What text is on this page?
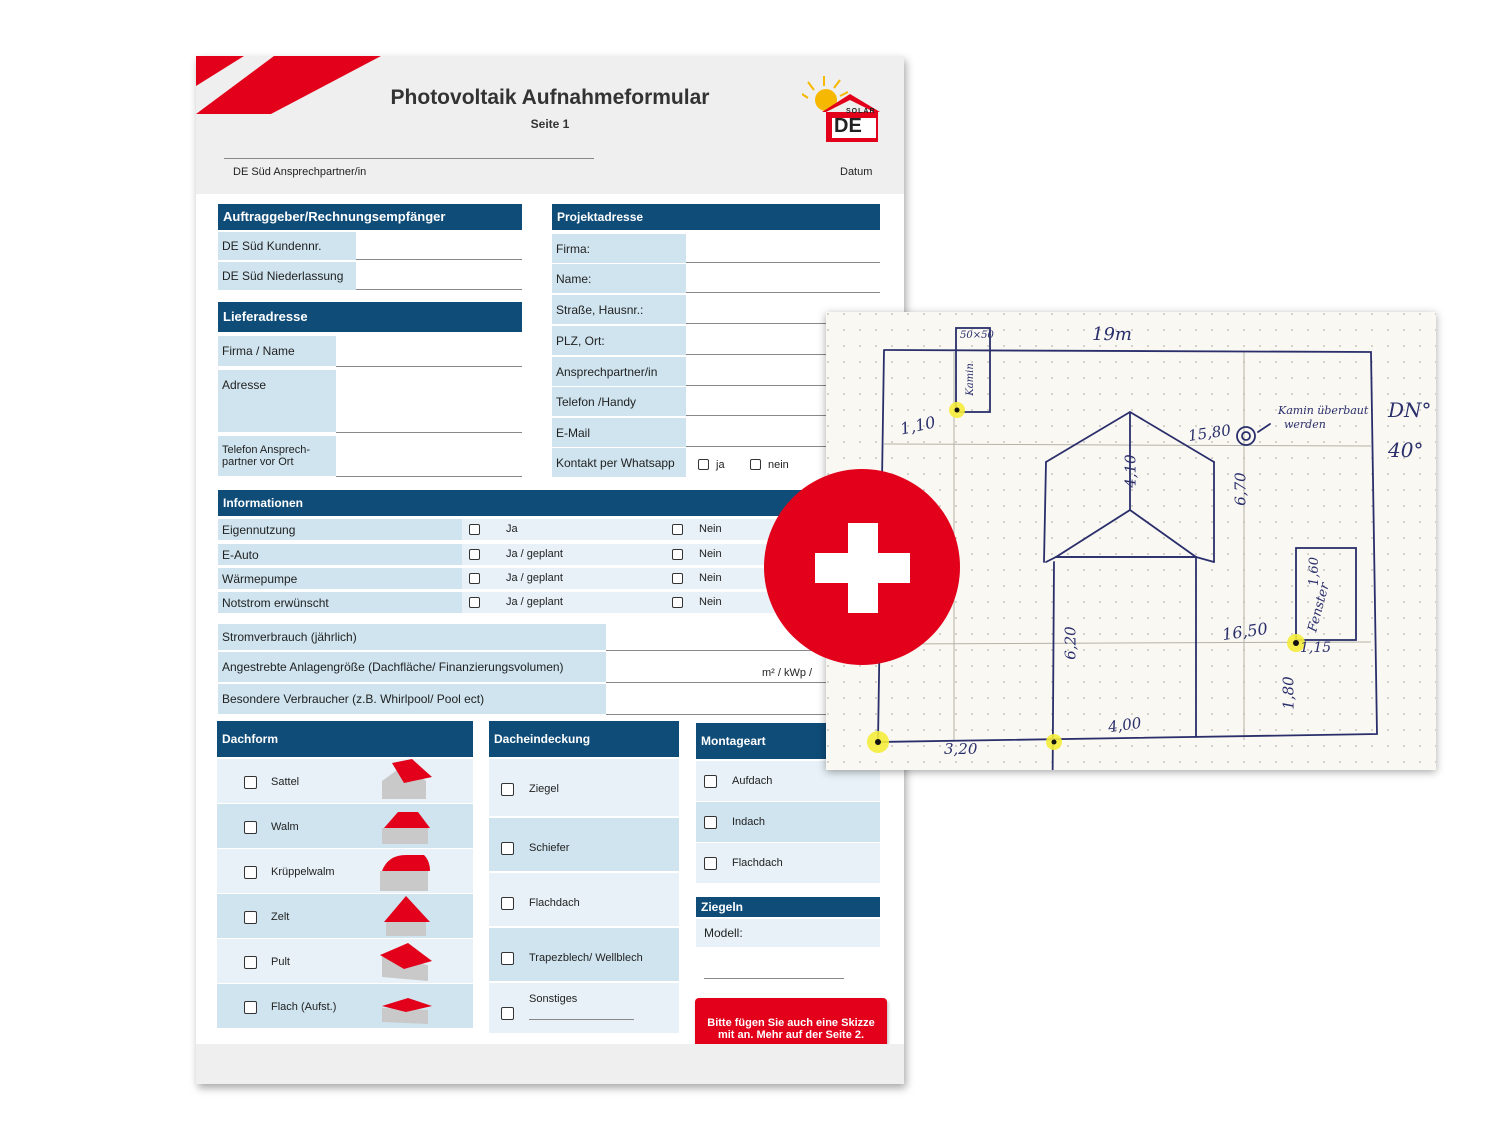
Photovoltaik Aufnahmeformular
Seite 1
SOLAR
DE
DE Süd Ansprechpartner/in	Datum
Auftraggeber/Rechnungsempfänger
DE Süd Kundennr.
DE Süd Niederlassung
Lieferadresse
Firma / Name
Adresse
Telefon Ansprech-
partner vor Ort
Projektadresse
Firma:
Name:
Straße, Hausnr.:
PLZ, Ort:
Ansprechpartner/in
Telefon /Handy
E-Mail
Kontakt per Whatsapp	ja	nein
Informationen
Eigennutzung	Ja	Nein
E-Auto	Ja / geplant	Nein
Wärmepumpe	Ja / geplant	Nein
Notstrom erwünscht	Ja / geplant	Nein
Stromverbrauch (jährlich)
Angestrebte Anlagengröße (Dachfläche/ Finanzierungsvolumen)	m² / kWp /
Besondere Verbraucher (z.B. Whirlpool/ Pool ect)
Dachform
Sattel
Walm
Krüppelwalm
Zelt
Pult
Flach (Aufst.)
Dacheindeckung
Ziegel
Schiefer
Flachdach
Trapezblech/ Wellblech
Sonstiges
Montageart
Aufdach
Indach
Flachdach
Ziegeln
Modell:
Bitte fügen Sie auch eine Skizze
mit an. Mehr auf der Seite 2.
19m
50×50
Kamin
DN°
40°
Kamin überbaut
werden
1,10	15,80
4,10
6,70
6,20	16,50
1,60
Fenster
1,15
1,80
4,00
3,20
